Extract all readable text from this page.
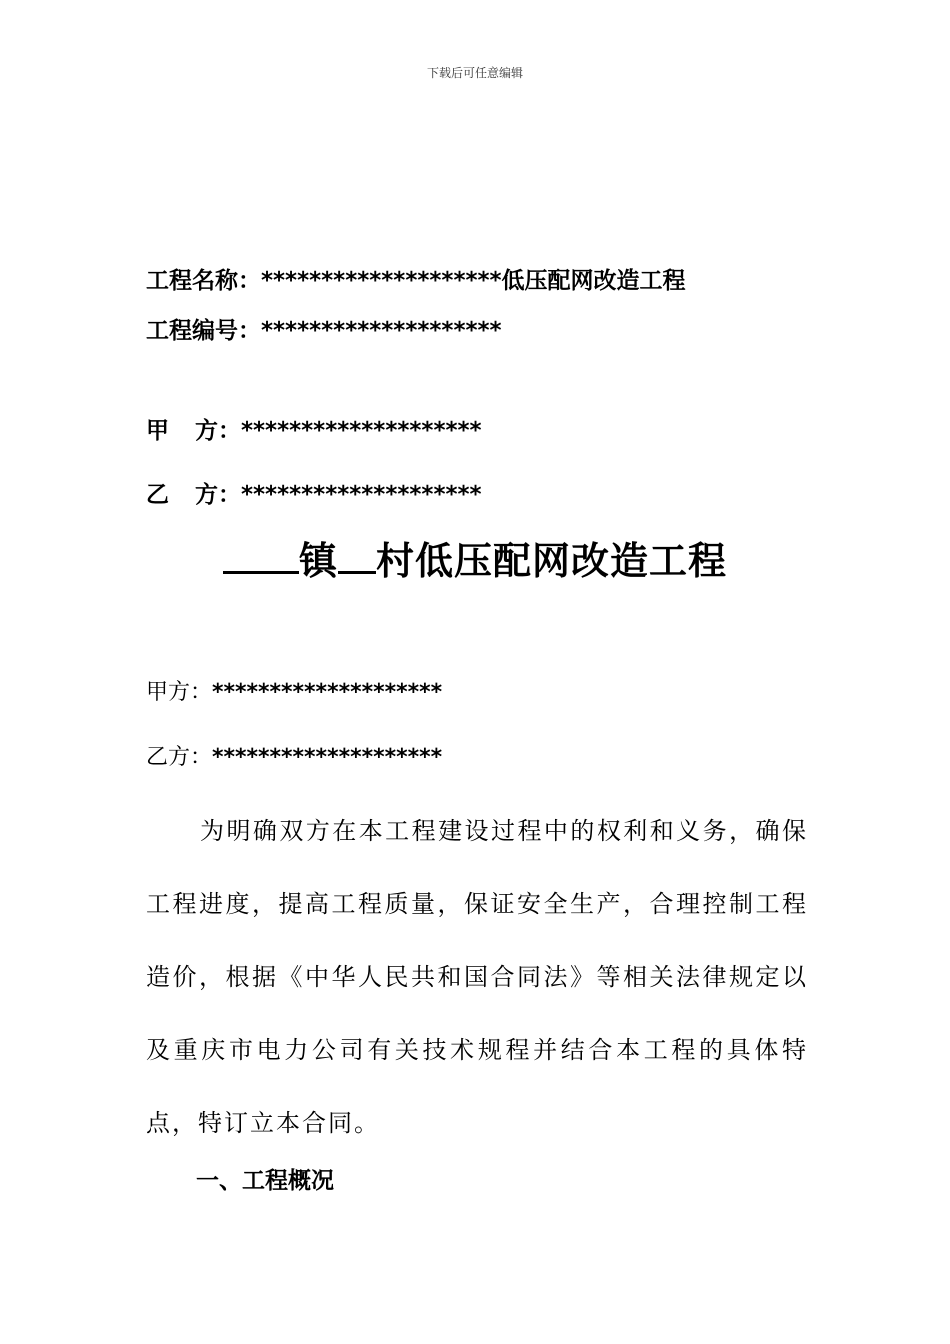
下载后可任意编辑
工程名称：********************低压配网改造工程
工程编号：********************
甲 方：********************
乙 方：********************
镇 村低压配网改造工程
甲方：********************
乙方：********************
为明确双方在本工程建设过程中的权利和义务，确保工程进度，提高工程质量，保证安全生产，合理控制工程造价，根据《中华人民共和国合同法》等相关法律规定以及重庆市电力公司有关技术规程并结合本工程的具体特点，特订立本合同。
一、工程概况
